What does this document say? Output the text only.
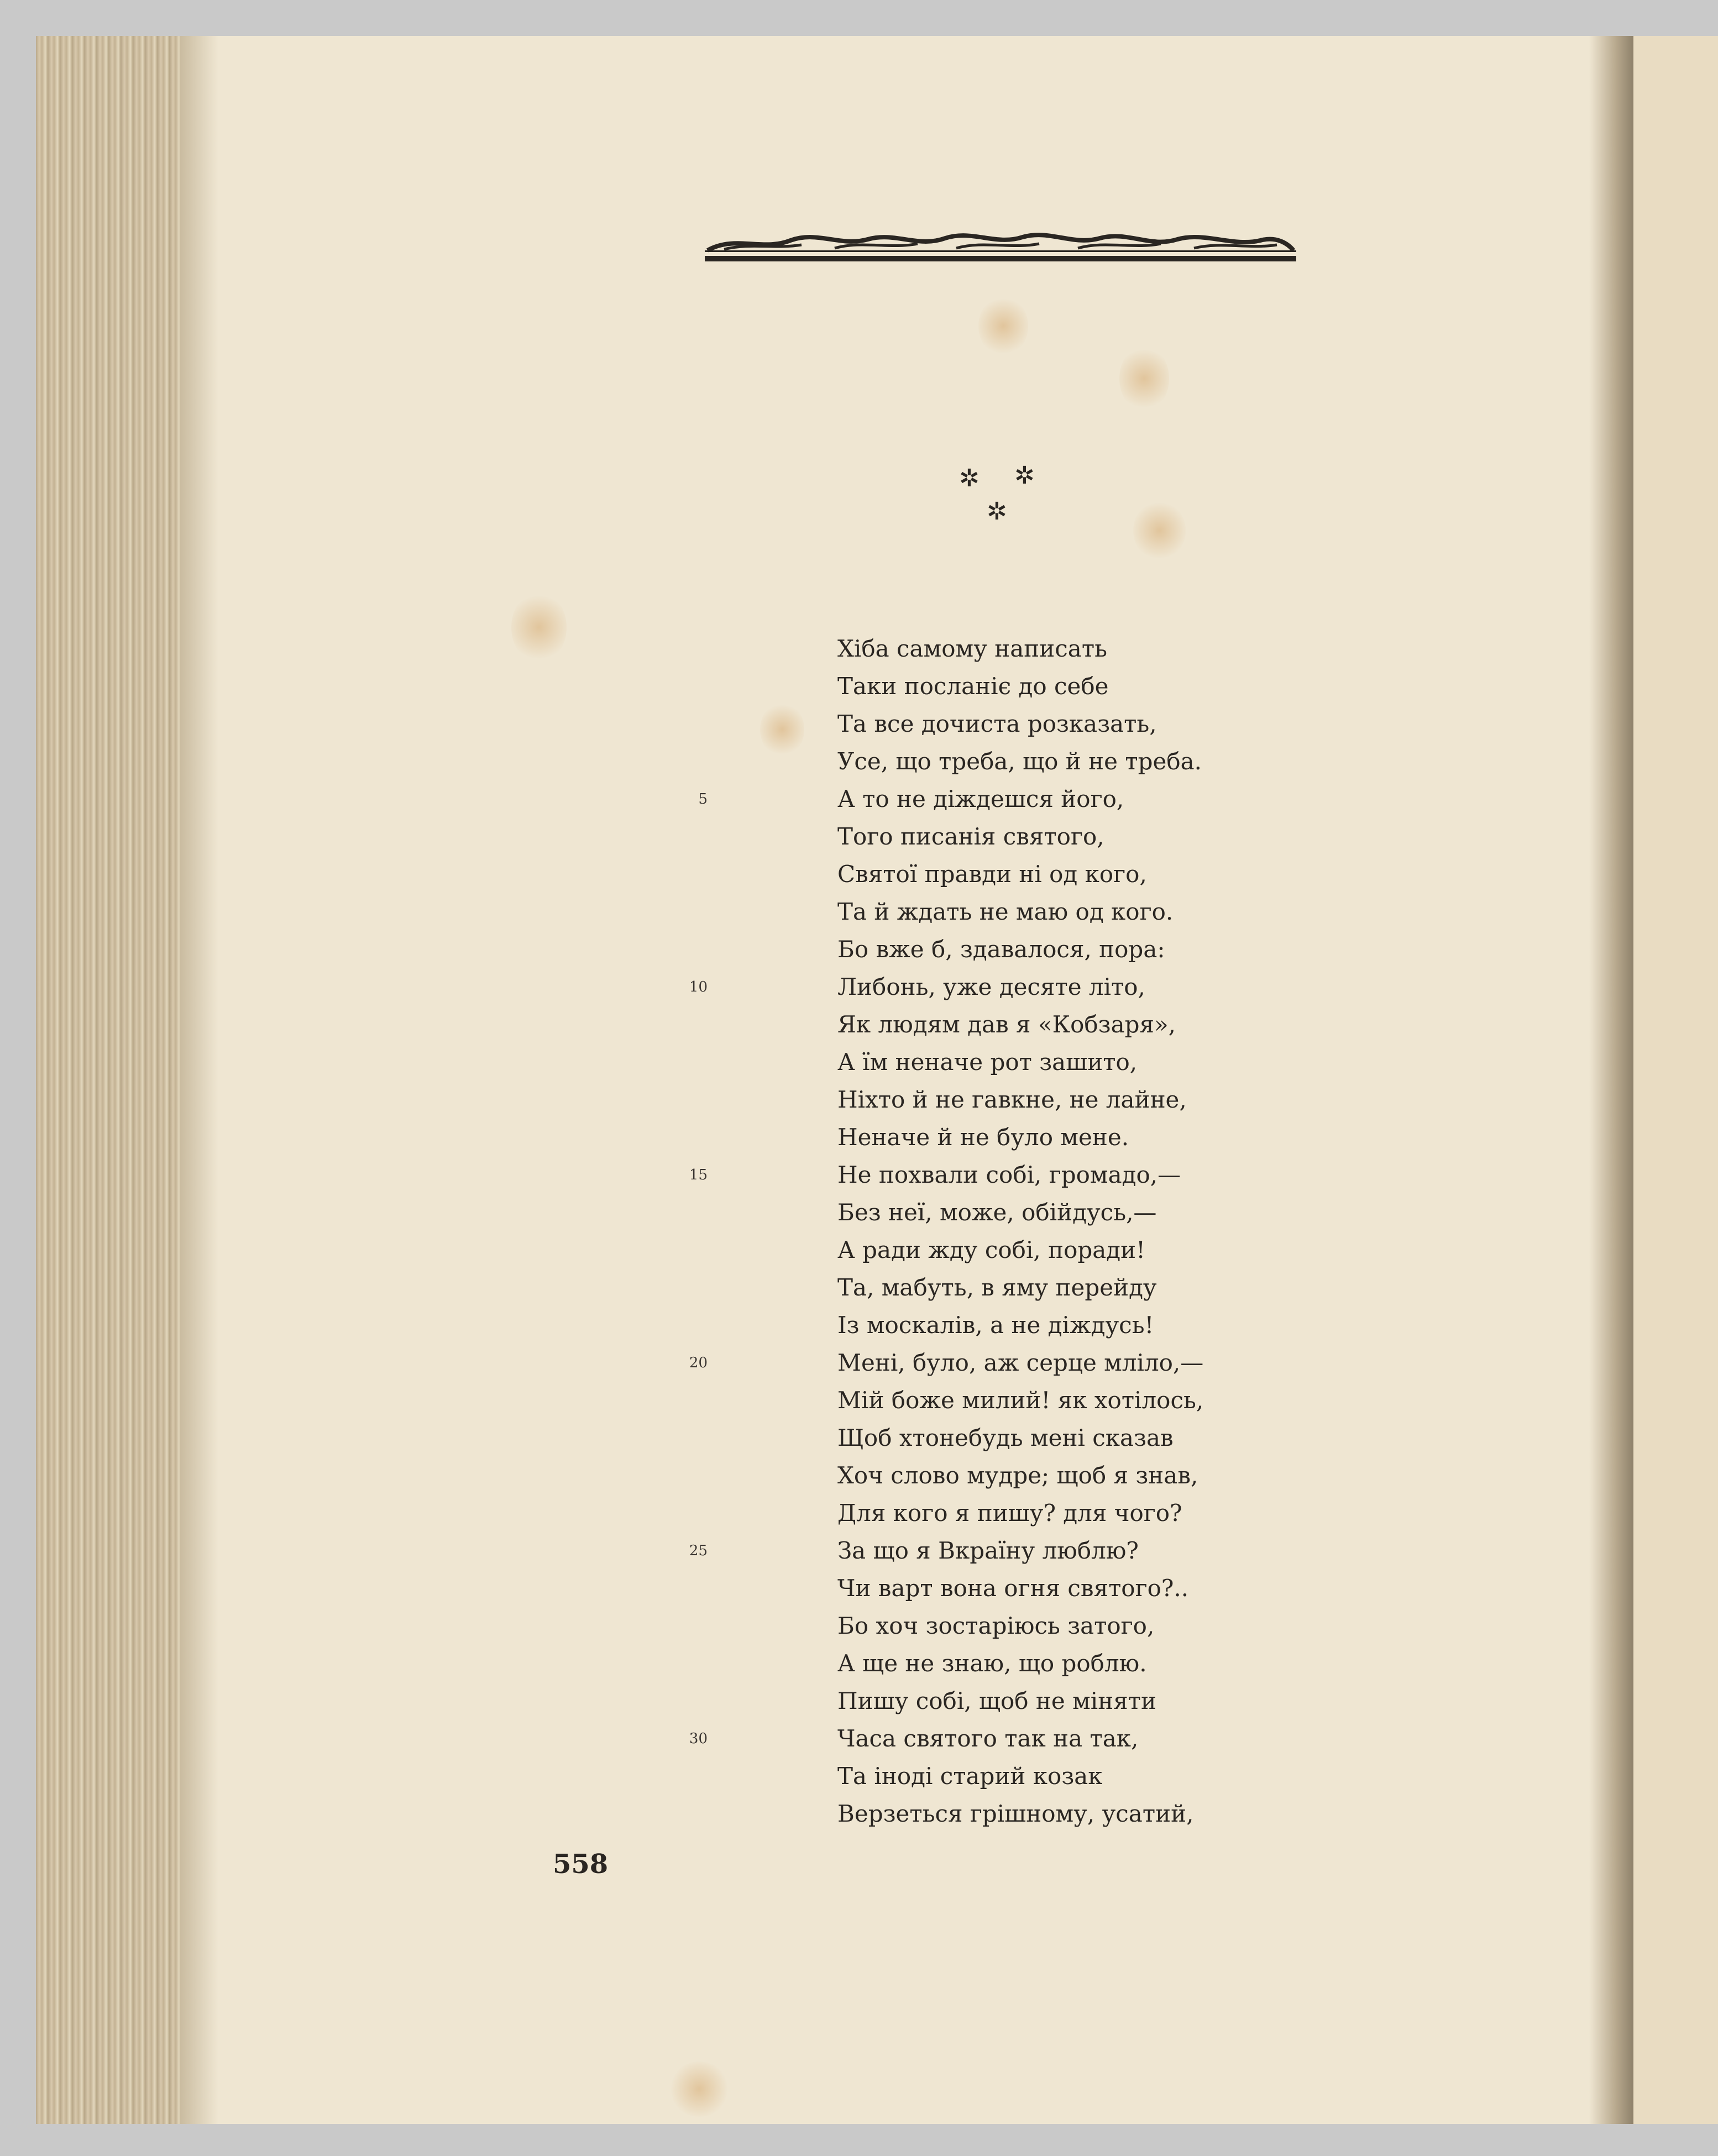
✲ ✲
✲
Хіба самому написать
Таки посланіє до себе
Та все дочиста розказать,
Усе, що треба, що й не треба.
5	А то не діждешся його,
Того писанія святого,
Святої правди ні од кого,
Та й ждать не маю од кого.
Бо вже б, здавалося, пора:
10	Либонь, уже десяте літо,
Як людям дав я «Кобзаря»,
А їм неначе рот зашито,
Ніхто й не гавкне, не лайне,
Неначе й не було мене.
15	Не похвали собі, громадо,—
Без неї, може, обійдусь,—
А ради жду собі, поради!
Та, мабуть, в яму перейду
Із москалів, а не діждусь!
20	Мені, було, аж серце мліло,—
Мій боже милий! як хотілось,
Щоб хтонебудь мені сказав
Хоч слово мудре; щоб я знав,
Для кого я пишу? для чого?
25	За що я Вкраїну люблю?
Чи варт вона огня святого?..
Бо хоч зостаріюсь затого,
А ще не знаю, що роблю.
Пишу собі, щоб не міняти
30	Часа святого так на так,
Та іноді старий козак
Верзеться грішному, усатий,
558
